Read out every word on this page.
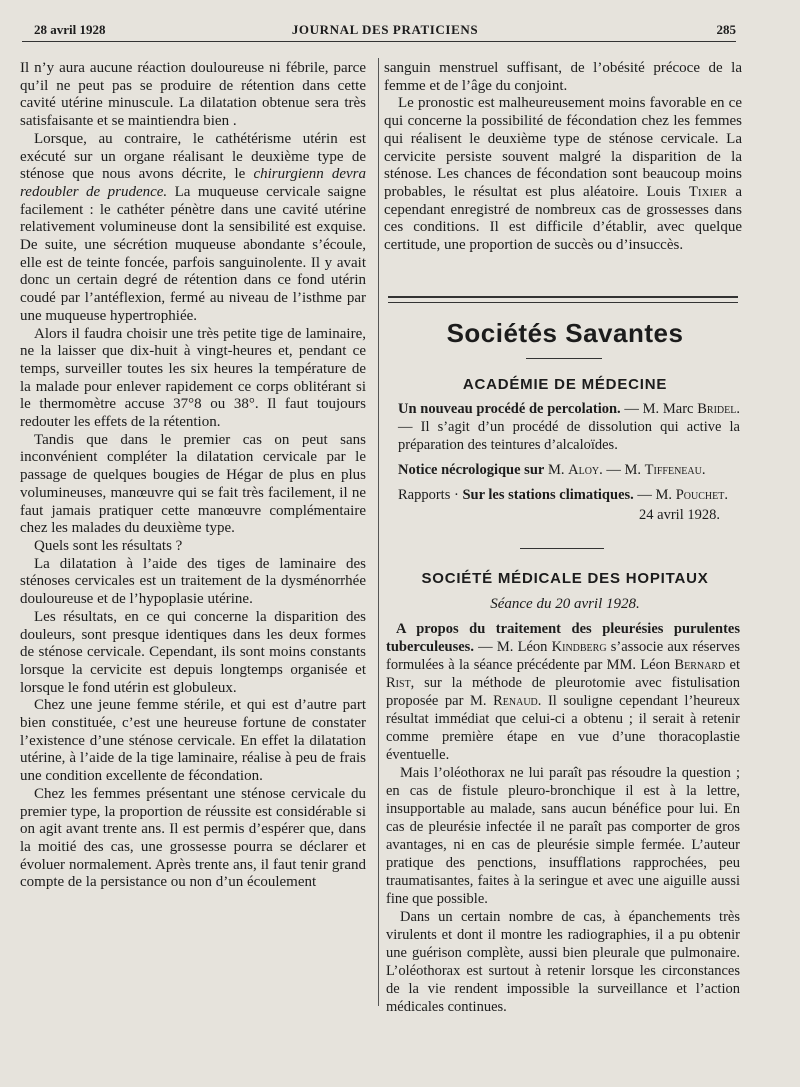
28 avril 1928	JOURNAL DES PRATICIENS	285

Il n’y aura aucune réaction douloureuse ni fébrile, parce qu’il ne peut pas se produire de rétention dans cette cavité utérine minuscule. La dilatation obtenue sera très satisfaisante et se maintiendra bien .

Lorsque, au contraire, le cathétérisme utérin est exécuté sur un organe réalisant le deuxième type de sténose que nous avons décrite, le chirurgienn devra redoubler de prudence. La muqueuse cervicale saigne facilement : le cathéter pénètre dans une cavité utérine relativement volumineuse dont la sensibilité est exquise. De suite, une sécrétion muqueuse abondante s’écoule, elle est de teinte foncée, parfois sanguinolente. Il y avait donc un certain degré de rétention dans ce fond utérin coudé par l’antéflexion, fermé au niveau de l’isthme par une muqueuse hypertrophiée.

Alors il faudra choisir une très petite tige de laminaire, ne la laisser que dix-huit à vingt-heures et, pendant ce temps, surveiller toutes les six heures la température de la malade pour enlever rapidement ce corps oblitérant si le thermomètre accuse 37°8 ou 38°. Il faut toujours redouter les effets de la rétention.

Tandis que dans le premier cas on peut sans inconvénient compléter la dilatation cervicale par le passage de quelques bougies de Hégar de plus en plus volumineuses, manœuvre qui se fait très facilement, il ne faut jamais pratiquer cette manœuvre complémentaire chez les malades du deuxième type.

Quels sont les résultats ?

La dilatation à l’aide des tiges de laminaire des sténoses cervicales est un traitement de la dysménorrhée douloureuse et de l’hypoplasie utérine.

Les résultats, en ce qui concerne la disparition des douleurs, sont presque identiques dans les deux formes de sténose cervicale. Cependant, ils sont moins constants lorsque la cervicite est depuis longtemps organisée et lorsque le fond utérin est globuleux.

Chez une jeune femme stérile, et qui est d’autre part bien constituée, c’est une heureuse fortune de constater l’existence d’une sténose cervicale. En effet la dilatation utérine, à l’aide de la tige laminaire, réalise à peu de frais une condition excellente de fécondation.

Chez les femmes présentant une sténose cervicale du premier type, la proportion de réussite est considérable si on agit avant trente ans. Il est permis d’espérer que, dans la moitié des cas, une grossesse pourra se déclarer et évoluer normalement. Après trente ans, il faut tenir grand compte de la persistance ou non d’un écoulement

sanguin menstruel suffisant, de l’obésité précoce de la femme et de l’âge du conjoint.

Le pronostic est malheureusement moins favorable en ce qui concerne la possibilité de fécondation chez les femmes qui réalisent le deuxième type de sténose cervicale. La cervicite persiste souvent malgré la disparition de la sténose. Les chances de fécondation sont beaucoup moins probables, le résultat est plus aléatoire. Louis Tixier a cependant enregistré de nombreux cas de grossesses dans ces conditions. Il est difficile d’établir, avec quelque certitude, une proportion de succès ou d’insuccès.

Sociétés Savantes
ACADÉMIE DE MÉDECINE

Un nouveau procédé de percolation. — M. Marc Bridel. — Il s’agit d’un procédé de dissolution qui active la préparation des teintures d’alcaloïdes.

Notice nécrologique sur M. Aloy. — M. Tiffeneau.

Rapports · Sur les stations climatiques. — M. Pouchet.

24 avril 1928.
SOCIÉTÉ MÉDICALE DES HOPITAUX
Séance du 20 avril 1928.

A propos du traitement des pleurésies purulentes tuberculeuses. — M. Léon Kindberg s’associe aux réserves formulées à la séance précédente par MM. Léon Bernard et Rist, sur la méthode de pleurotomie avec fistulisation proposée par M. Renaud. Il souligne cependant l’heureux résultat immédiat que celui-ci a obtenu ; il serait à retenir comme première étape en vue d’une thoracoplastie éventuelle.

Mais l’oléothorax ne lui paraît pas résoudre la question ; en cas de fistule pleuro-bronchique il est à la lettre, insupportable au malade, sans aucun bénéfice pour lui. En cas de pleurésie infectée il ne paraît pas comporter de gros avantages, ni en cas de pleurésie simple fermée. L’auteur pratique des penctions, insufflations rapprochées, peu traumatisantes, faites à la seringue et avec une aiguille aussi fine que possible.

Dans un certain nombre de cas, à épanchements très virulents et dont il montre les radiographies, il a pu obtenir une guérison complète, aussi bien pleurale que pulmonaire. L’oléothorax est surtout à retenir lorsque les circonstances de la vie rendent impossible la surveillance et l’action médicales continues.
